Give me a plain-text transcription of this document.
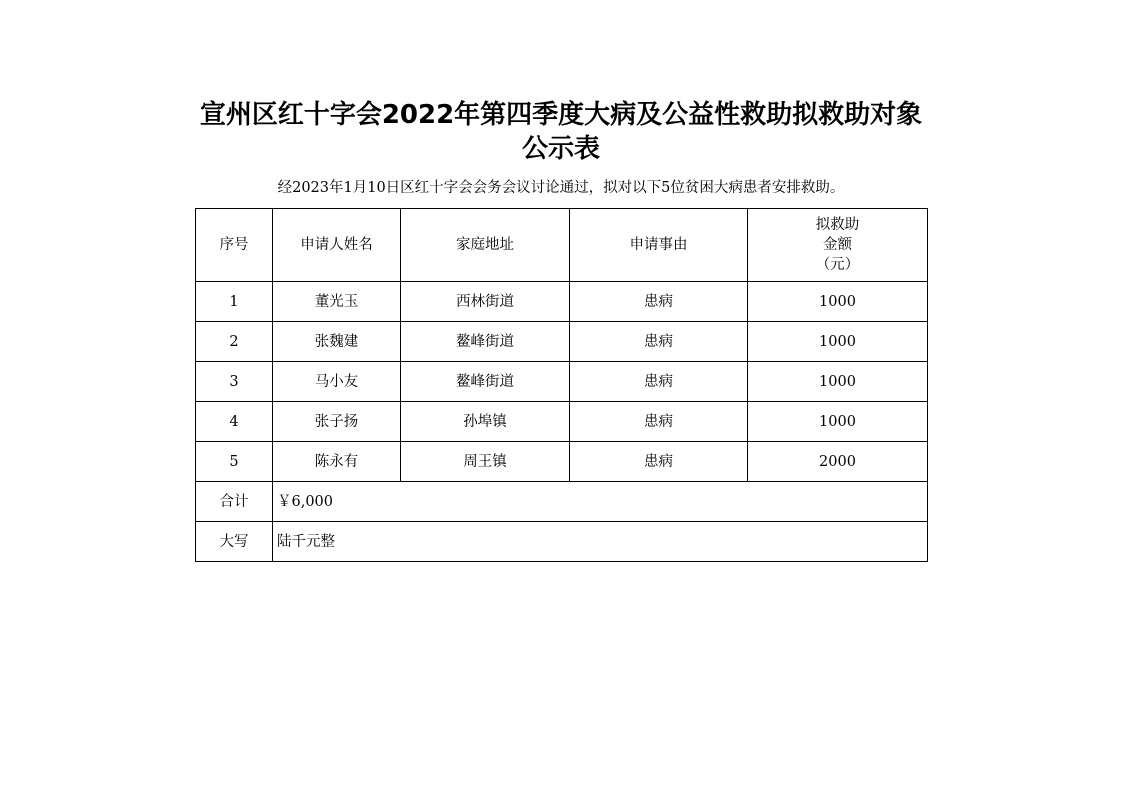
宣州区红十字会2022年第四季度大病及公益性救助拟救助对象公示表
经2023年1月10日区红十字会会务会议讨论通过，拟对以下5位贫困大病患者安排救助。
序号	申请人姓名	家庭地址	申请事由	拟救助
金额
（元）

1	董光玉	西林街道	患病	1000
2	张魏建	鳌峰街道	患病	1000
3	马小友	鳌峰街道	患病	1000
4	张子扬	孙埠镇	患病	1000
5	陈永有	周王镇	患病	2000
合计	￥6,000			
大写	陆千元整			
